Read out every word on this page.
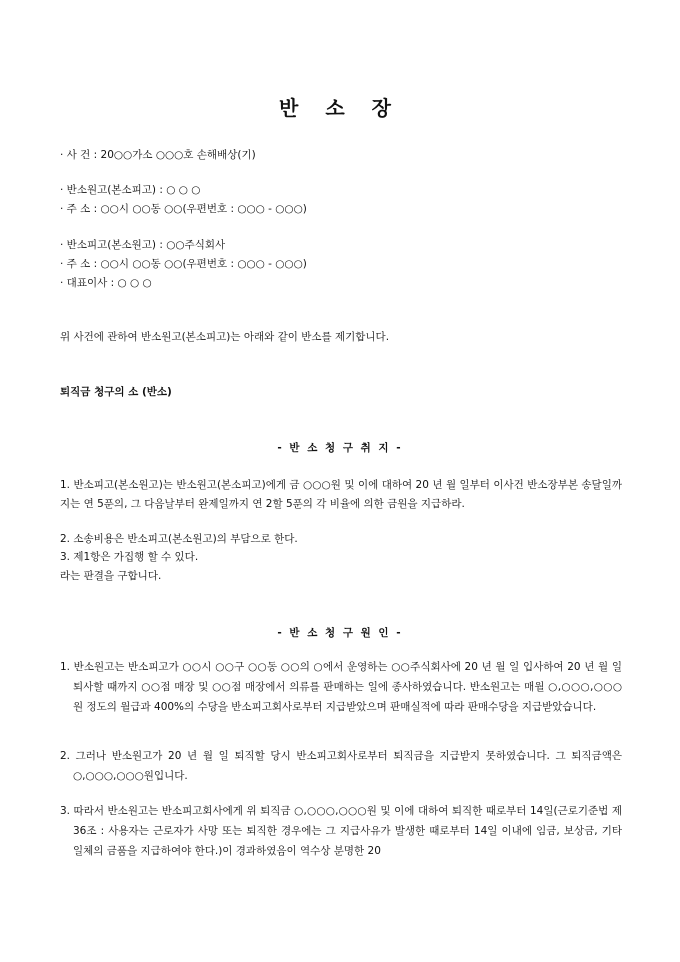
반 소 장
· 사 건 : 20○○가소 ○○○호 손해배상(기)
· 반소원고(본소피고) : ○ ○ ○
· 주 소 : ○○시 ○○동 ○○(우편번호 : ○○○ - ○○○)
· 반소피고(본소원고) : ○○주식회사
· 주 소 : ○○시 ○○동 ○○(우편번호 : ○○○ - ○○○)
· 대표이사 : ○ ○ ○
위 사건에 관하여 반소원고(본소피고)는 아래와 같이 반소를 제기합니다.
퇴직금 청구의 소 (반소)
- 반 소 청 구 취 지 -
1. 반소피고(본소원고)는 반소원고(본소피고)에게 금 ○○○원 및 이에 대하여 20 년 월 일부터 이사건 반소장부본 송달일까지는 연 5푼의, 그 다음날부터 완제일까지 연 2할 5푼의 각 비율에 의한 금원을 지급하라.
2. 소송비용은 반소피고(본소원고)의 부담으로 한다.
3. 제1항은 가집행 할 수 있다.
라는 판결을 구합니다.
- 반 소 청 구 원 인 -
1. 반소원고는 반소피고가 ○○시 ○○구 ○○동 ○○의 ○에서 운영하는 ○○주식회사에 20 년 월 일 입사하여 20 년 월 일 퇴사할 때까지 ○○점 매장 및 ○○점 매장에서 의류를 판매하는 일에 종사하였습니다. 반소원고는 매월 ○,○○○,○○○원 정도의 월급과 400%의 수당을 반소피고회사로부터 지급받았으며 판매실적에 따라 판매수당을 지급받았습니다.
2. 그러나 반소원고가 20 년 월 일 퇴직할 당시 반소피고회사로부터 퇴직금을 지급받지 못하였습니다. 그 퇴직금액은 ○,○○○,○○○원입니다.
3. 따라서 반소원고는 반소피고회사에게 위 퇴직금 ○,○○○,○○○원 및 이에 대하여 퇴직한 때로부터 14일(근로기준법 제36조 : 사용자는 근로자가 사망 또는 퇴직한 경우에는 그 지급사유가 발생한 때로부터 14일 이내에 임금, 보상금, 기타 일체의 금품을 지급하여야 한다.)이 경과하였음이 역수상 분명한 20
